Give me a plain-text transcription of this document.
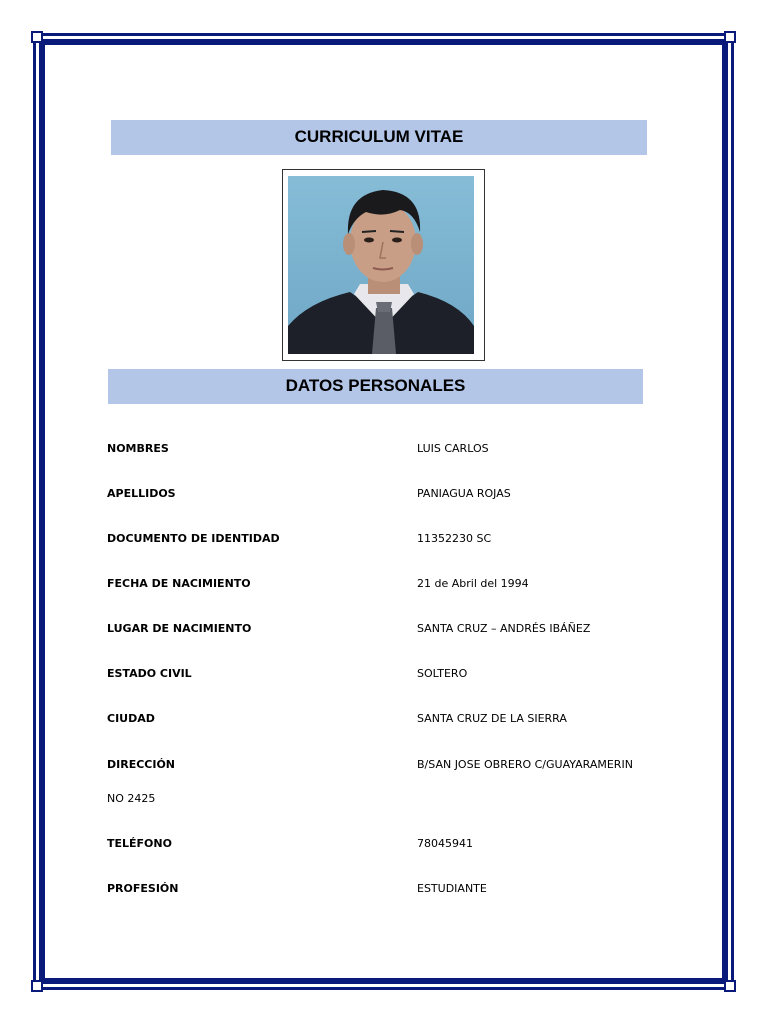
CURRICULUM VITAE
DATOS PERSONALES
NOMBRES	LUIS CARLOS
APELLIDOS	PANIAGUA ROJAS
DOCUMENTO DE IDENTIDAD	11352230 SC
FECHA DE NACIMIENTO	21 de Abril del 1994
LUGAR DE NACIMIENTO	SANTA CRUZ – ANDRÉS IBÁÑEZ
ESTADO CIVIL	SOLTERO
CIUDAD	SANTA CRUZ DE LA SIERRA
DIRECCIÓN	B/SAN JOSE OBRERO C/GUAYARAMERIN
NO 2425
TELÉFONO	78045941
PROFESIÓN	ESTUDIANTE
